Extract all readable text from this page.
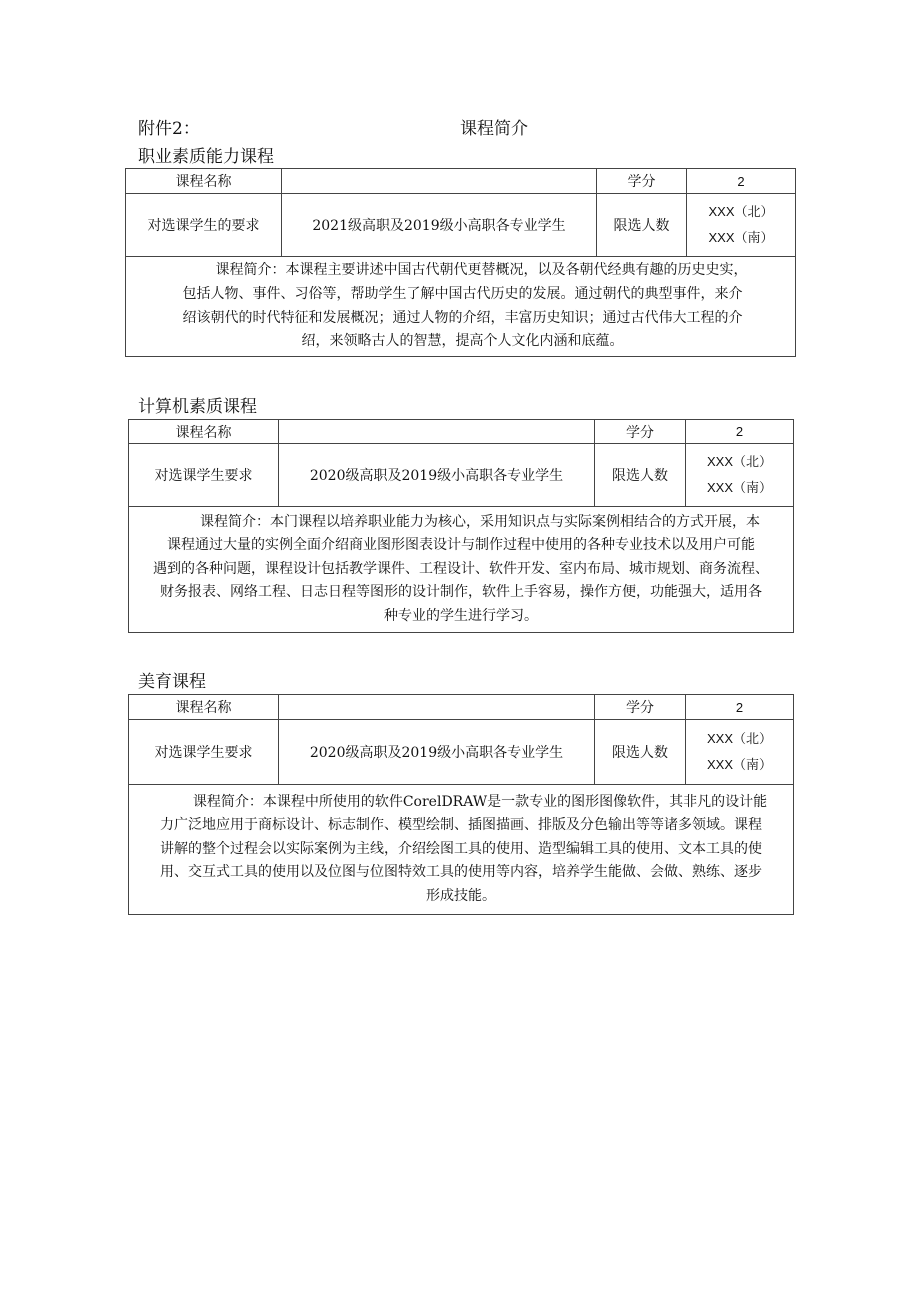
附件2：	课程简介
职业素质能力课程
课程名称		学分	2
对选课学生的要求	2021级高职及2019级小高职各专业学生	限选人数	XXX（北）
XXX（南）

课程简介：本课程主要讲述中国古代朝代更替概况，以及各朝代经典有趣的历史史实，
包括人物、事件、习俗等，帮助学生了解中国古代历史的发展。通过朝代的典型事件，来介
绍该朝代的时代特征和发展概况；通过人物的介绍，丰富历史知识；通过古代伟大工程的介
绍，来领略古人的智慧，提高个人文化内涵和底蕴。			
计算机素质课程
课程名称		学分	2
对选课学生要求	2020级高职及2019级小高职各专业学生	限选人数	XXX（北）
XXX（南）

课程简介：本门课程以培养职业能力为核心，采用知识点与实际案例相结合的方式开展，本
课程通过大量的实例全面介绍商业图形图表设计与制作过程中使用的各种专业技术以及用户可能
遇到的各种问题，课程设计包括教学课件、工程设计、软件开发、室内布局、城市规划、商务流程、
财务报表、网络工程、日志日程等图形的设计制作，软件上手容易，操作方便，功能强大，适用各
种专业的学生进行学习。			
美育课程
课程名称		学分	2
对选课学生要求	2020级高职及2019级小高职各专业学生	限选人数	XXX（北）
XXX（南）

课程简介：本课程中所使用的软件CorelDRAW是一款专业的图形图像软件，其非凡的设计能
力广泛地应用于商标设计、标志制作、模型绘制、插图描画、排版及分色输出等等诸多领域。课程
讲解的整个过程会以实际案例为主线，介绍绘图工具的使用、造型编辑工具的使用、文本工具的使
用、交互式工具的使用以及位图与位图特效工具的使用等内容，培养学生能做、会做、熟练、逐步
形成技能。			
